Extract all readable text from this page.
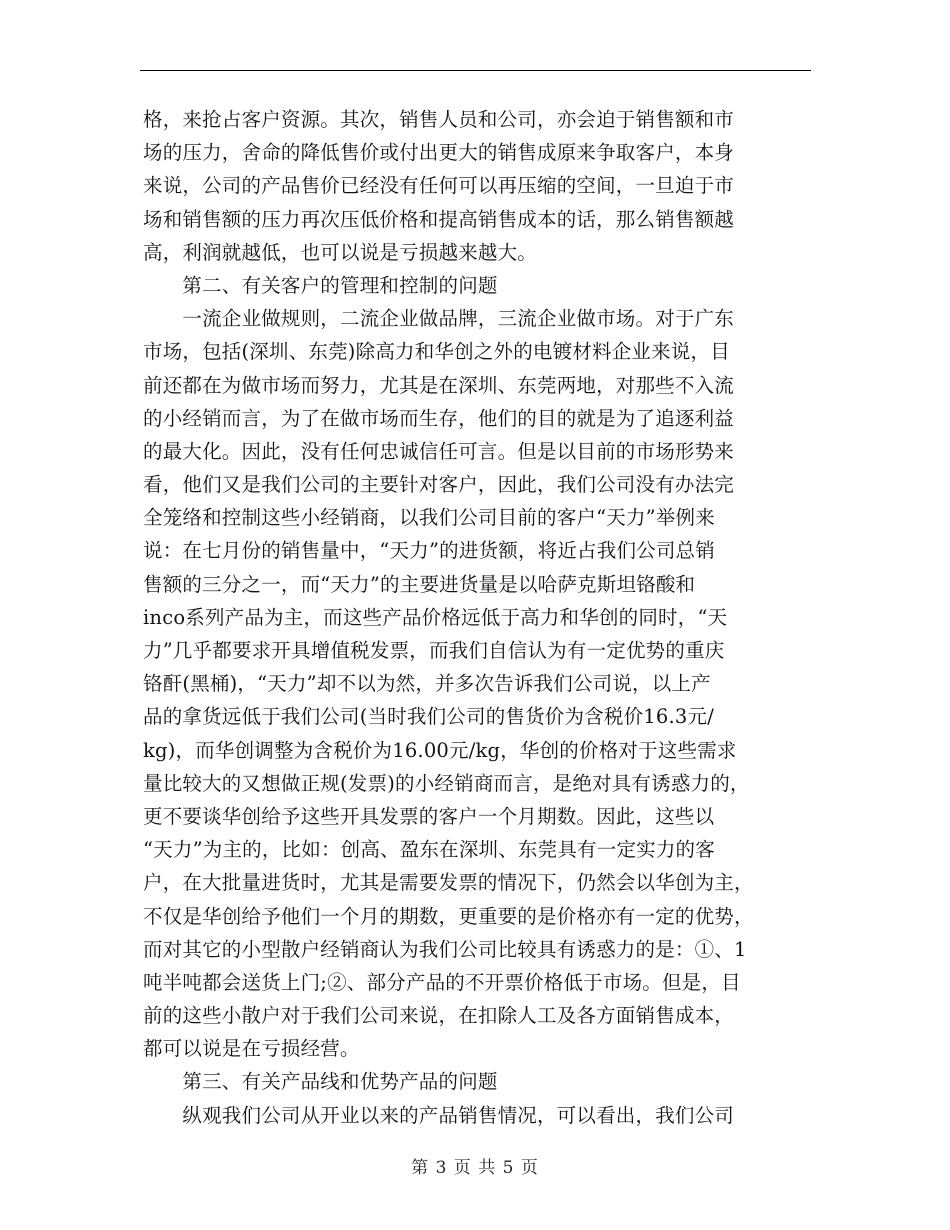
格，来抢占客户资源。其次，销售人员和公司，亦会迫于销售额和市
场的压力，舍命的降低售价或付出更大的销售成原来争取客户，本身
来说，公司的产品售价已经没有任何可以再压缩的空间，一旦迫于市
场和销售额的压力再次压低价格和提高销售成本的话，那么销售额越
高，利润就越低，也可以说是亏损越来越大。
　　第二、有关客户的管理和控制的问题
　　一流企业做规则，二流企业做品牌，三流企业做市场。对于广东
市场，包括(深圳、东莞)除高力和华创之外的电镀材料企业来说，目
前还都在为做市场而努力，尤其是在深圳、东莞两地，对那些不入流
的小经销而言，为了在做市场而生存，他们的目的就是为了追逐利益
的最大化。因此，没有任何忠诚信任可言。但是以目前的市场形势来
看，他们又是我们公司的主要针对客户，因此，我们公司没有办法完
全笼络和控制这些小经销商，以我们公司目前的客户“天力”举例来
说：在七月份的销售量中，“天力”的进货额，将近占我们公司总销
售额的三分之一，而“天力”的主要进货量是以哈萨克斯坦铬酸和
inco系列产品为主，而这些产品价格远低于高力和华创的同时，“天
力”几乎都要求开具增值税发票，而我们自信认为有一定优势的重庆
铬酐(黑桶)，“天力”却不以为然，并多次告诉我们公司说，以上产
品的拿货远低于我们公司(当时我们公司的售货价为含税价16.3元/
kg)，而华创调整为含税价为16.00元/kg，华创的价格对于这些需求
量比较大的又想做正规(发票)的小经销商而言，是绝对具有诱惑力的，
更不要谈华创给予这些开具发票的客户一个月期数。因此，这些以
“天力”为主的，比如：创高、盈东在深圳、东莞具有一定实力的客
户，在大批量进货时，尤其是需要发票的情况下，仍然会以华创为主，
不仅是华创给予他们一个月的期数，更重要的是价格亦有一定的优势，
而对其它的小型散户经销商认为我们公司比较具有诱惑力的是：①、1
吨半吨都会送货上门;②、部分产品的不开票价格低于市场。但是，目
前的这些小散户对于我们公司来说，在扣除人工及各方面销售成本，
都可以说是在亏损经营。
　　第三、有关产品线和优势产品的问题
　　纵观我们公司从开业以来的产品销售情况，可以看出，我们公司
第 3 页 共 5 页
